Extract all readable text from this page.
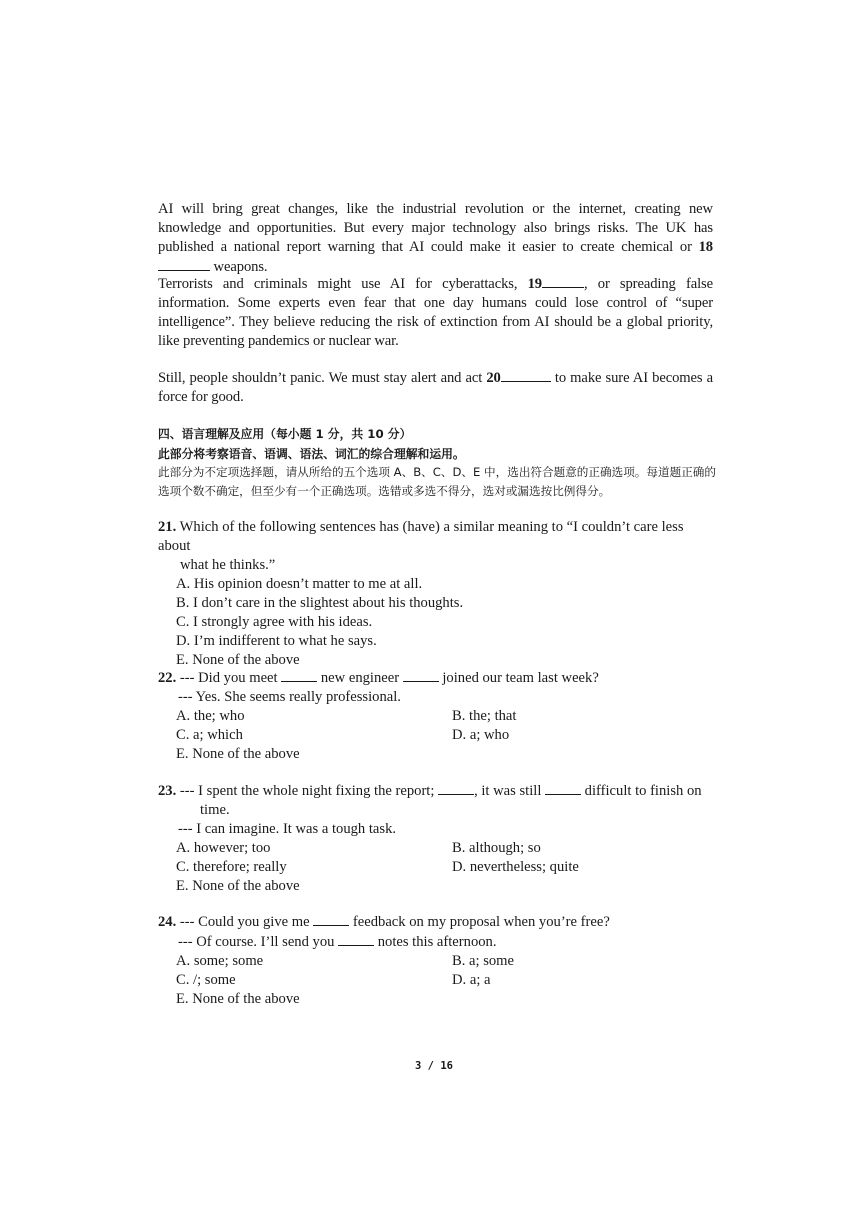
AI will bring great changes, like the industrial revolution or the internet, creating new knowledge and opportunities. But every major technology also brings risks. The UK has published a national report warning that AI could make it easier to create chemical or 18 weapons.
Terrorists and criminals might use AI for cyberattacks, 19	, or spreading false information. Some experts even fear that one day humans could lose control of “super intelligence”. They believe reducing the risk of extinction from AI should be a global priority, like preventing pandemics or nuclear war.
Still, people shouldn’t panic. We must stay alert and act 20	to make sure AI becomes a force for good.
四、语言理解及应用（每小题 1 分，共 10 分）
此部分将考察语音、语调、语法、词汇的综合理解和运用。
此部分为不定项选择题，请从所给的五个选项 A、B、C、D、E 中，选出符合题意的正确选项。每道题正确的选项个数不确定，但至少有一个正确选项。选错或多选不得分，选对或漏选按比例得分。
21. Which of the following sentences has (have) a similar meaning to “I couldn’t care less about
what he thinks.”
A. His opinion doesn’t matter to me at all.
B. I don’t care in the slightest about his thoughts.
C. I strongly agree with his ideas.
D. I’m indifferent to what he says.
E. None of the above
22. --- Did you meet  new engineer  joined our team last week?
--- Yes. She seems really professional.
A. the; who	B. the; that
C. a; which	D. a; who
E. None of the above
23. --- I spent the whole night fixing the report; , it was still  difficult to finish on
time.
--- I can imagine. It was a tough task.
A. however; too	B. although; so
C. therefore; really	D. nevertheless; quite
E. None of the above
24. --- Could you give me  feedback on my proposal when you’re free?
--- Of course. I’ll send you  notes this afternoon.
A. some; some	B. a; some
C. /; some	D. a; a
E. None of the above
3 / 16
